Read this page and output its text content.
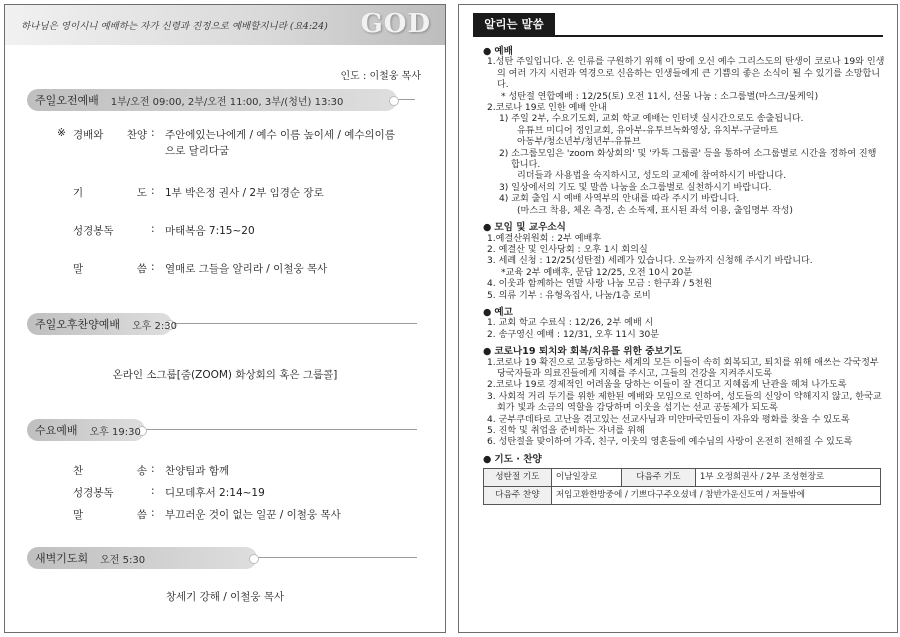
하나님은 영이시니 예배하는 자가 신령과 진정으로 예배할지니라 (요4:24) GOD
인도 : 이철웅 목사
주일오전예배	1부/오전 09:00, 2부/오전 11:00, 3부/(청년) 13:30
※ 경배와 찬양 : 주안에있는나에게 / 예수 이름 높이세 / 예수의이름으로 달리다굼
기 도 : 1부 박은정 권사 / 2부 임경순 장로
성경봉독	: 마태복음 7:15~20
말 씀 : 열매로 그들을 알리라 / 이철웅 목사
주일오후찬양예배	오후 2:30
온라인 소그룹[줌(ZOOM) 화상회의 혹은 그룹콜]
수요예배	오후 19:30
찬 송 : 찬양팀과 함께
성경봉독	: 디모데후서 2:14~19
말 씀 : 부끄러운 것이 없는 일꾼 / 이철웅 목사
새벽기도회	오전 5:30
창세기 강해 / 이철웅 목사
알리는 말씀
● 예배
1.성탄 주일입니다. 온 인류를 구원하기 위해 이 땅에 오신 예수 그리스도의 탄생이 코로나 19와 인생의 여러 가지 시련과 역경으로 신음하는 인생들에게 큰 기쁨의 좋은 소식이 될 수 있기를 소망합니다.
* 성탄절 연합예배 : 12/25(토) 오전 11시, 선물 나눔 : 소그룹별(마스크/물케익)
2.코로나 19로 인한 예배 안내
1) 주일 2부, 수요기도회, 교회 학교 예배는 인터넷 실시간으로도 송출됩니다.
유튜브 미디어 정인교회, 유아부-유투브녹화영상, 유치부-구글마트
아동부/청소년부/청년부-유튜브
2) 소그룹모임은 'zoom 화상회의' 및 '카톡 그룹콜' 등을 통하여 소그룹별로 시간을 정하여 진행 합니다.
리더들과 사용법을 숙지하시고, 성도의 교제에 참여하시기 바랍니다.
3) 일상에서의 기도 및 말씀 나눔을 소그룹별로 실천하시기 바랍니다.
4) 교회 출입 시 예배 사역부의 안내를 따라 주시기 바랍니다.
(마스크 착용, 체온 측정, 손 소독제, 표시된 좌석 이용, 출입명부 작성)
● 모임 및 교우소식
1.예결산위원회 : 2부 예배후
2. 예결산 및 인사당회 : 오후 1시 회의실
3. 세례 신청 : 12/25(성탄절) 세례가 있습니다. 오늘까지 신청해 주시기 바랍니다.
*교육 2부 예배후, 문답 12/25, 오전 10시 20분
4. 이웃과 함께하는 연말 사랑 나눔 모금 : 한구좌 / 5천원
5. 의류 기부 : 유형옥집사, 나눔/1층 로비
● 예고
1. 교회 학교 수료식 : 12/26, 2부 예배 시
2. 송구영신 예배 : 12/31, 오후 11시 30분
● 코로나19 퇴치와 회복/치유를 위한 중보기도
1.코로나 19 확진으로 고통당하는 세계의 모든 이들이 속히 회복되고, 퇴치를 위해 애쓰는 각국정부 당국자들과 의료진들에게 지혜를 주시고, 그들의 건강을 지켜주시도록
2.코로나 19로 경제적인 어려움을 당하는 이들이 잘 견디고 지혜롭게 난관을 헤쳐 나가도록
3. 사회적 거리 두기를 위한 제한된 예배와 모임으로 인하여, 성도들의 신앙이 약해지지 않고, 한국교회가 빛과 소금의 역할을 감당하며 이웃을 섬기는 선교 공동체가 되도록
4. 군부쿠데타로 고난을 겪고있는 선교사님과 미얀마국민들이 자유와 평화를 찾을 수 있도록
5. 진학 및 취업을 준비하는 자녀를 위해
6. 성탄절을 맞이하여 가족, 친구, 이웃의 영혼들에 예수님의 사랑이 온전히 전해질 수 있도록
● 기도 · 찬양
성탄절 기도	이남일장로	다음주 기도	1부 오정희권사 / 2부 조성현장로
다음주 찬양	저임고환한방중에 / 기쁘다구주오셨네 / 참반가운신도여 / 저들밖에		
